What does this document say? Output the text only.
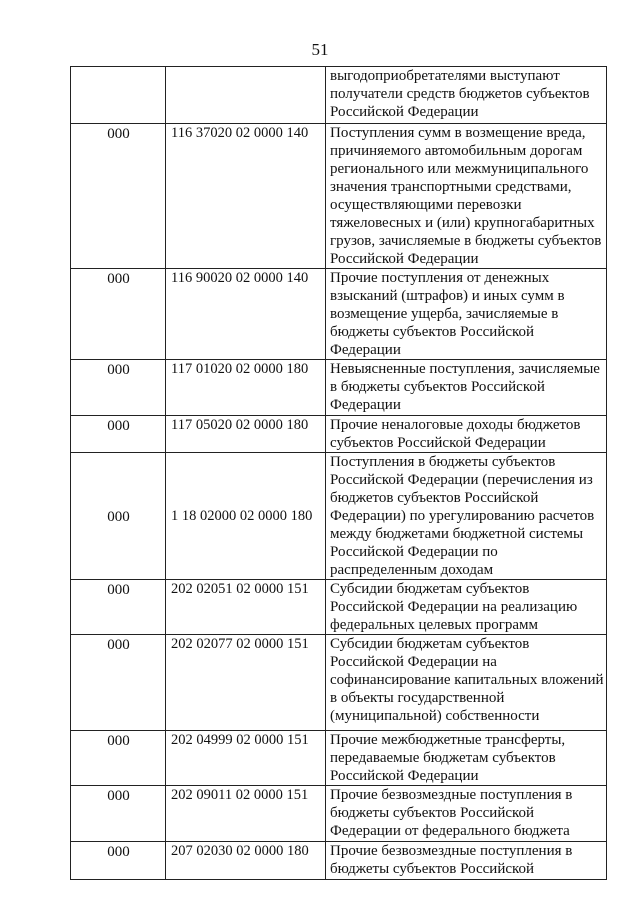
51
		выгодоприобретателями выступают получатели средств бюджетов субъектов Российской Федерации
000	116 37020 02 0000 140	Поступления сумм в возмещение вреда, причиняемого автомобильным дорогам регионального или межмуниципального значения транспортными средствами, осуществляющими перевозки тяжеловесных и (или) крупногабаритных грузов, зачисляемые в бюджеты субъектов Российской Федерации
000	116 90020 02 0000 140	Прочие поступления от денежных взысканий (штрафов) и иных сумм в возмещение ущерба, зачисляемые в бюджеты субъектов Российской Федерации
000	117 01020 02 0000 180	Невыясненные поступления, зачисляемые в бюджеты субъектов Российской Федерации
000	117 05020 02 0000 180	Прочие неналоговые доходы бюджетов субъектов Российской Федерации
000	1 18 02000 02 0000 180	Поступления в бюджеты субъектов Российской Федерации (перечисления из бюджетов субъектов Российской Федерации) по урегулированию расчетов между бюджетами бюджетной системы Российской Федерации по распределенным доходам
000	202 02051 02 0000 151	Субсидии бюджетам субъектов Российской Федерации на реализацию федеральных целевых программ
000	202 02077 02 0000 151	Субсидии бюджетам субъектов Российской Федерации на софинансирование капитальных вложений в объекты государственной (муниципальной) собственности
000	202 04999 02 0000 151	Прочие межбюджетные трансферты, передаваемые бюджетам субъектов Российской Федерации
000	202 09011 02 0000 151	Прочие безвозмездные поступления в бюджеты субъектов Российской Федерации от федерального бюджета
000	207 02030 02 0000 180	Прочие безвозмездные поступления в бюджеты субъектов Российской
